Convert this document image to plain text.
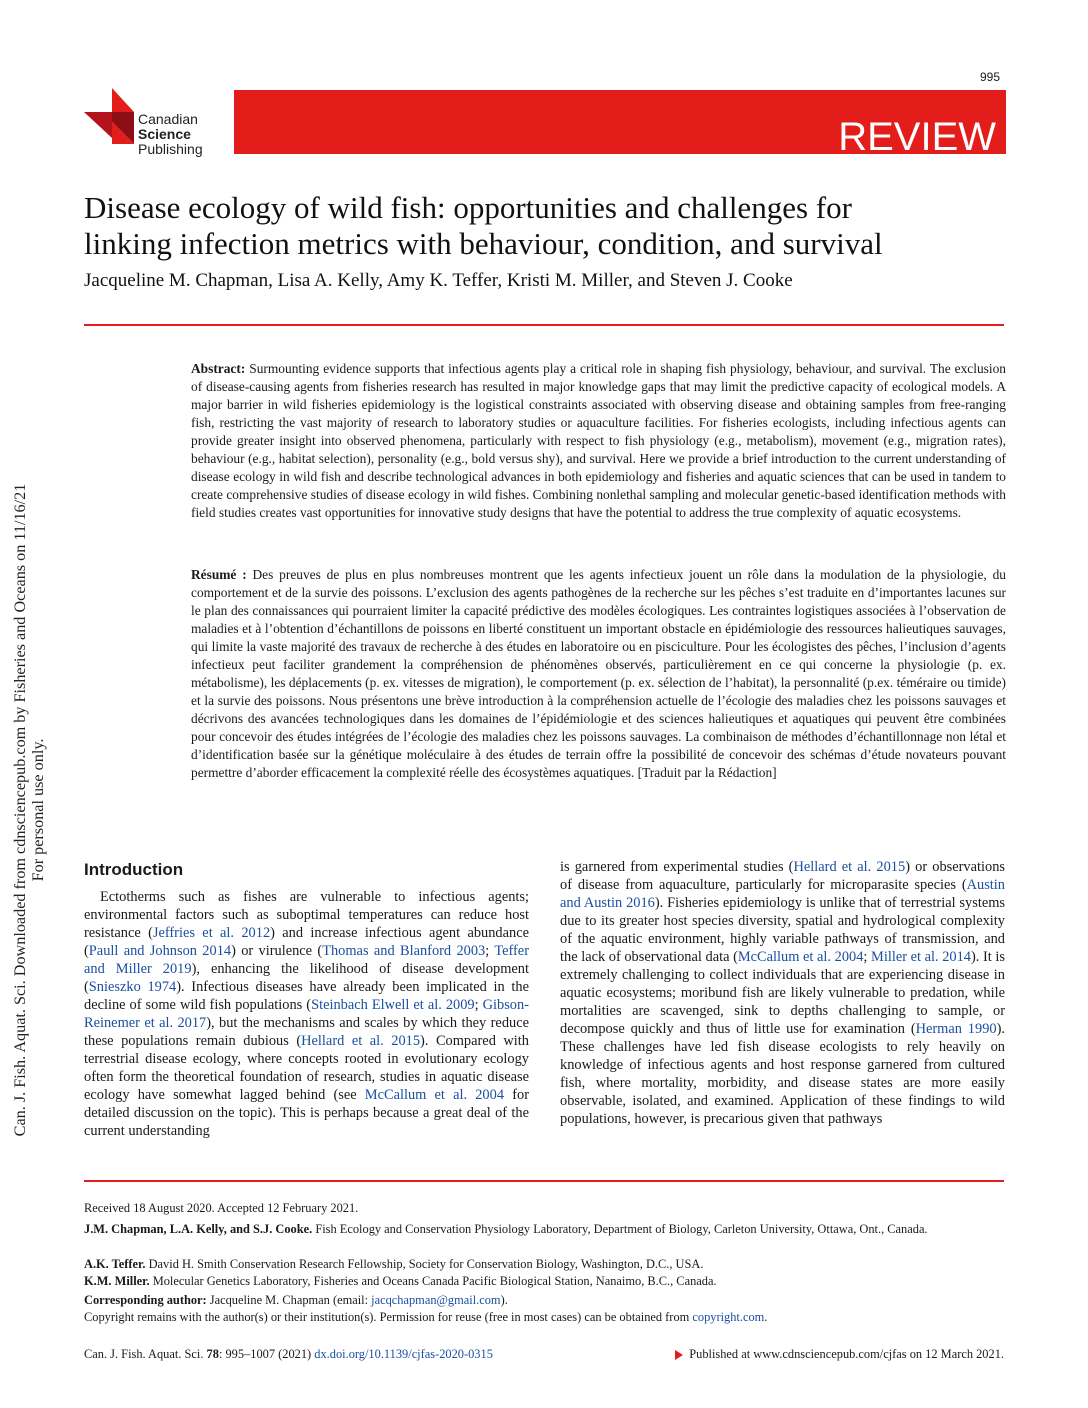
995
Canadian
Science
Publishing	REVIEW
Disease ecology of wild fish: opportunities and challenges for
linking infection metrics with behaviour, condition, and survival
Jacqueline M. Chapman, Lisa A. Kelly, Amy K. Teffer, Kristi M. Miller, and Steven J. Cooke
Can. J. Fish. Aquat. Sci. Downloaded from cdnsciencepub.com by Fisheries and Oceans on 11/16/21 For personal use only.
Abstract: Surmounting evidence supports that infectious agents play a critical role in shaping fish physiology, behaviour, and survival. The exclusion of disease-causing agents from fisheries research has resulted in major knowledge gaps that may limit the predictive capacity of ecological models. A major barrier in wild fisheries epidemiology is the logistical constraints associated with observing disease and obtaining samples from free-ranging fish, restricting the vast majority of research to laboratory studies or aquaculture facilities. For fisheries ecologists, including infectious agents can provide greater insight into observed phenomena, particularly with respect to fish physiology (e.g., metabolism), movement (e.g., migration rates), behaviour (e.g., habitat selection), personality (e.g., bold versus shy), and survival. Here we provide a brief introduction to the current understanding of disease ecology in wild fish and describe technological advances in both epidemiology and fisheries and aquatic sciences that can be used in tandem to create comprehensive studies of disease ecology in wild fishes. Combining nonlethal sampling and molecular genetic-based identification methods with field studies creates vast opportunities for innovative study designs that have the potential to address the true complexity of aquatic ecosystems.
Résumé : Des preuves de plus en plus nombreuses montrent que les agents infectieux jouent un rôle dans la modulation de la physiologie, du comportement et de la survie des poissons. L’exclusion des agents pathogènes de la recherche sur les pêches s’est traduite en d’importantes lacunes sur le plan des connaissances qui pourraient limiter la capacité prédictive des modèles écologiques. Les contraintes logistiques associées à l’observation de maladies et à l’obtention d’échantillons de poissons en liberté constituent un important obstacle en épidémiologie des ressources halieutiques sauvages, qui limite la vaste majorité des travaux de recherche à des études en laboratoire ou en pisciculture. Pour les écologistes des pêches, l’inclusion d’agents infectieux peut faciliter grandement la compréhension de phénomènes observés, particulièrement en ce qui concerne la physiologie (p. ex. métabolisme), les déplacements (p. ex. vitesses de migration), le comportement (p. ex. sélection de l’habitat), la personnalité (p.ex. téméraire ou timide) et la survie des poissons. Nous présentons une brève introduction à la compréhension actuelle de l’écologie des maladies chez les poissons sauvages et décrivons des avancées technologiques dans les domaines de l’épidémiologie et des sciences halieutiques et aquatiques qui peuvent être combinées pour concevoir des études intégrées de l’écologie des maladies chez les poissons sauvages. La combinaison de méthodes d’échantillonnage non létal et d’identification basée sur la génétique moléculaire à des études de terrain offre la possibilité de concevoir des schémas d’étude novateurs pouvant permettre d’aborder efficacement la complexité réelle des écosystèmes aquatiques. [Traduit par la Rédaction]
Introduction

Ectotherms such as fishes are vulnerable to infectious agents; environmental factors such as suboptimal temperatures can reduce host resistance (Jeffries et al. 2012) and increase infectious agent abundance (Paull and Johnson 2014) or virulence (Thomas and Blanford 2003; Teffer and Miller 2019), enhancing the likelihood of disease development (Snieszko 1974). Infectious diseases have already been implicated in the decline of some wild fish populations (Steinbach Elwell et al. 2009; Gibson-Reinemer et al. 2017), but the mechanisms and scales by which they reduce these populations remain dubious (Hellard et al. 2015). Compared with terrestrial disease ecology, where concepts rooted in evolutionary ecology often form the theoretical foundation of research, studies in aquatic disease ecology have somewhat lagged behind (see McCallum et al. 2004 for detailed discussion on the topic). This is perhaps because a great deal of the current understanding

is garnered from experimental studies (Hellard et al. 2015) or observations of disease from aquaculture, particularly for microparasite species (Austin and Austin 2016). Fisheries epidemiology is unlike that of terrestrial systems due to its greater host species diversity, spatial and hydrological complexity of the aquatic environment, highly variable pathways of transmission, and the lack of observational data (McCallum et al. 2004; Miller et al. 2014). It is extremely challenging to collect individuals that are experiencing disease in aquatic ecosystems; moribund fish are likely vulnerable to predation, while mortalities are scavenged, sink to depths challenging to sample, or decompose quickly and thus of little use for examination (Herman 1990). These challenges have led fish disease ecologists to rely heavily on knowledge of infectious agents and host response garnered from cultured fish, where mortality, morbidity, and disease states are more easily observable, isolated, and examined. Application of these findings to wild populations, however, is precarious given that pathways

Received 18 August 2020. Accepted 12 February 2021.
J.M. Chapman, L.A. Kelly, and S.J. Cooke. Fish Ecology and Conservation Physiology Laboratory, Department of Biology, Carleton University, Ottawa, Ont., Canada.
A.K. Teffer. David H. Smith Conservation Research Fellowship, Society for Conservation Biology, Washington, D.C., USA.
K.M. Miller. Molecular Genetics Laboratory, Fisheries and Oceans Canada Pacific Biological Station, Nanaimo, B.C., Canada.
Corresponding author: Jacqueline M. Chapman (email: jacqchapman@gmail.com).
Copyright remains with the author(s) or their institution(s). Permission for reuse (free in most cases) can be obtained from copyright.com.
Can. J. Fish. Aquat. Sci. 78: 995–1007 (2021) dx.doi.org/10.1139/cjfas-2020-0315	Published at www.cdnsciencepub.com/cjfas on 12 March 2021.
